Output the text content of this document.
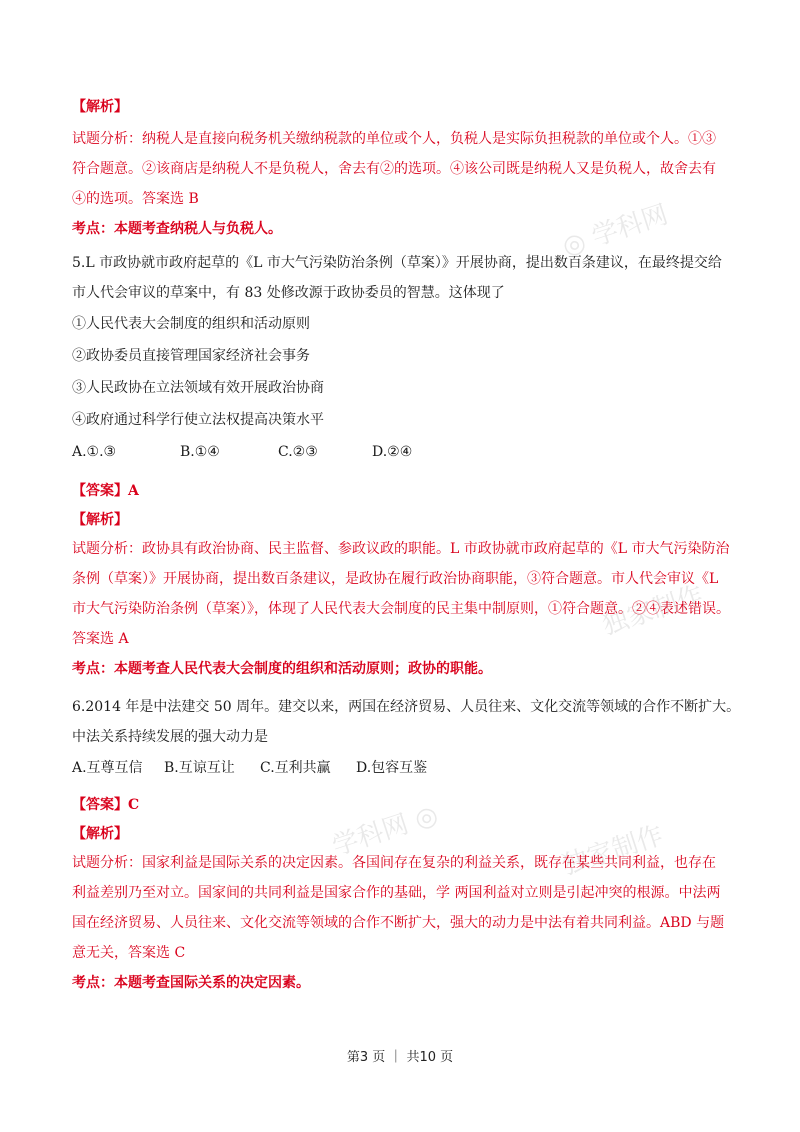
◎ 学科网
独家制作
学科网 ◎	独家制作

【解析】

试题分析：纳税人是直接向税务机关缴纳税款的单位或个人，负税人是实际负担税款的单位或个人。①③

符合题意。②该商店是纳税人不是负税人，舍去有②的选项。④该公司既是纳税人又是负税人，故舍去有

④的选项。答案选 B

考点：本题考查纳税人与负税人。

5.L 市政协就市政府起草的《L 市大气污染防治条例（草案）》开展协商，提出数百条建议，在最终提交给

市人代会审议的草案中，有 83 处修改源于政协委员的智慧。这体现了

①人民代表大会制度的组织和活动原则

②政协委员直接管理国家经济社会事务

③人民政协在立法领域有效开展政治协商

④政府通过科学行使立法权提高决策水平

A.①.③	B.①④	C.②③	D.②④

【答案】A

【解析】

试题分析：政协具有政治协商、民主监督、参政议政的职能。L 市政协就市政府起草的《L 市大气污染防治

条例（草案）》开展协商，提出数百条建议，是政协在履行政治协商职能，③符合题意。市人代会审议《L

市大气污染防治条例（草案）》，体现了人民代表大会制度的民主集中制原则，①符合题意。②④表述错误。

答案选 A

考点：本题考查人民代表大会制度的组织和活动原则；政协的职能。

6.2014 年是中法建交 50 周年。建交以来，两国在经济贸易、人员往来、文化交流等领域的合作不断扩大。

中法关系持续发展的强大动力是

A.互尊互信	B.互谅互让	C.互利共赢	D.包容互鉴

【答案】C

【解析】

试题分析：国家利益是国际关系的决定因素。各国间存在复杂的利益关系，既存在某些共同利益，也存在

利益差别乃至对立。国家间的共同利益是国家合作的基础，学 两国利益对立则是引起冲突的根源。中法两

国在经济贸易、人员往来、文化交流等领域的合作不断扩大，强大的动力是中法有着共同利益。ABD 与题

意无关，答案选 C

考点：本题考查国际关系的决定因素。

第3 页 ｜ 共10 页
